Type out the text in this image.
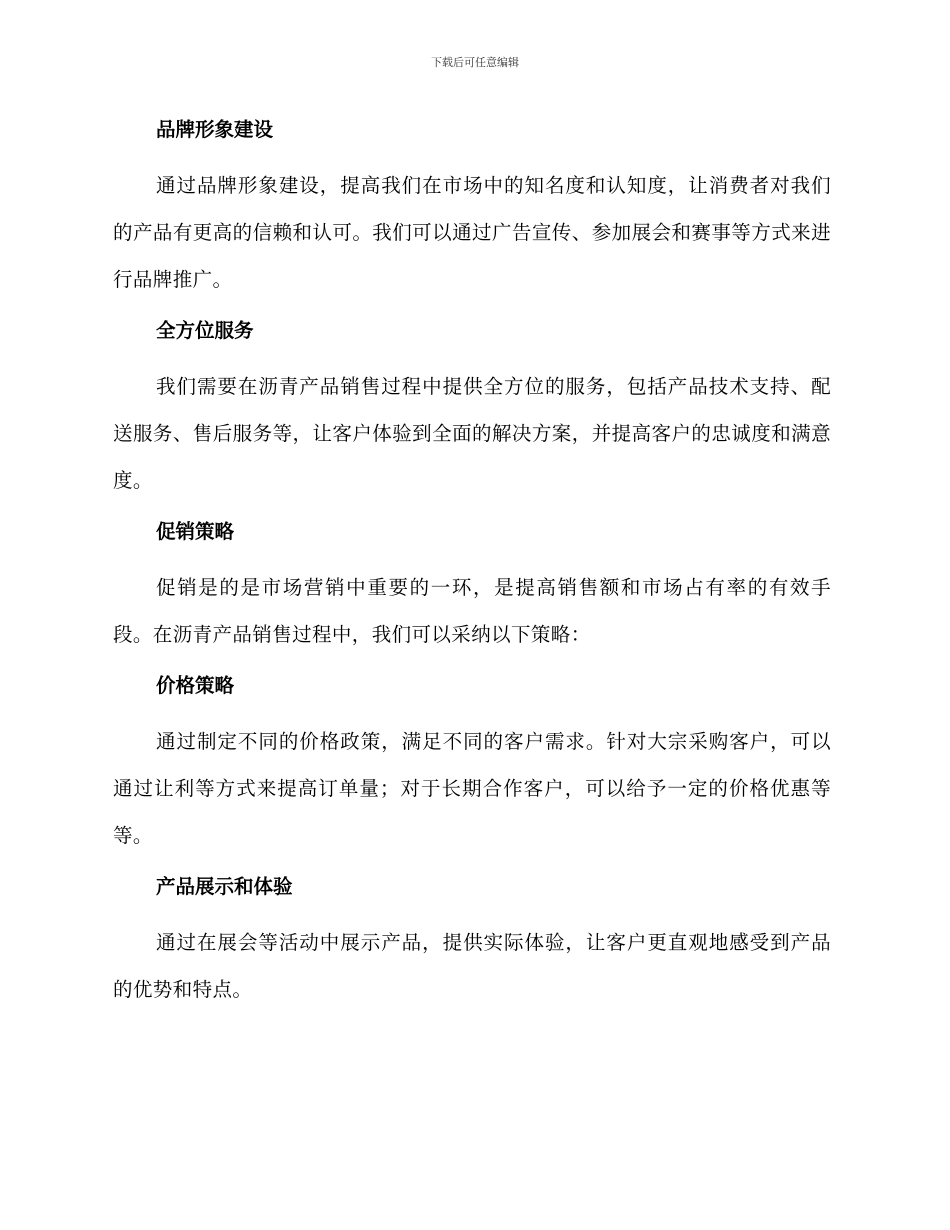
下载后可任意编辑
品牌形象建设

通过品牌形象建设，提高我们在市场中的知名度和认知度，让消费者对我们的产品有更高的信赖和认可。我们可以通过广告宣传、参加展会和赛事等方式来进行品牌推广。

全方位服务

我们需要在沥青产品销售过程中提供全方位的服务，包括产品技术支持、配送服务、售后服务等，让客户体验到全面的解决方案，并提高客户的忠诚度和满意度。

促销策略

促销是的是市场营销中重要的一环，是提高销售额和市场占有率的有效手段。在沥青产品销售过程中，我们可以采纳以下策略：

价格策略

通过制定不同的价格政策，满足不同的客户需求。针对大宗采购客户，可以通过让利等方式来提高订单量；对于长期合作客户，可以给予一定的价格优惠等等。

产品展示和体验

通过在展会等活动中展示产品，提供实际体验，让客户更直观地感受到产品的优势和特点。
